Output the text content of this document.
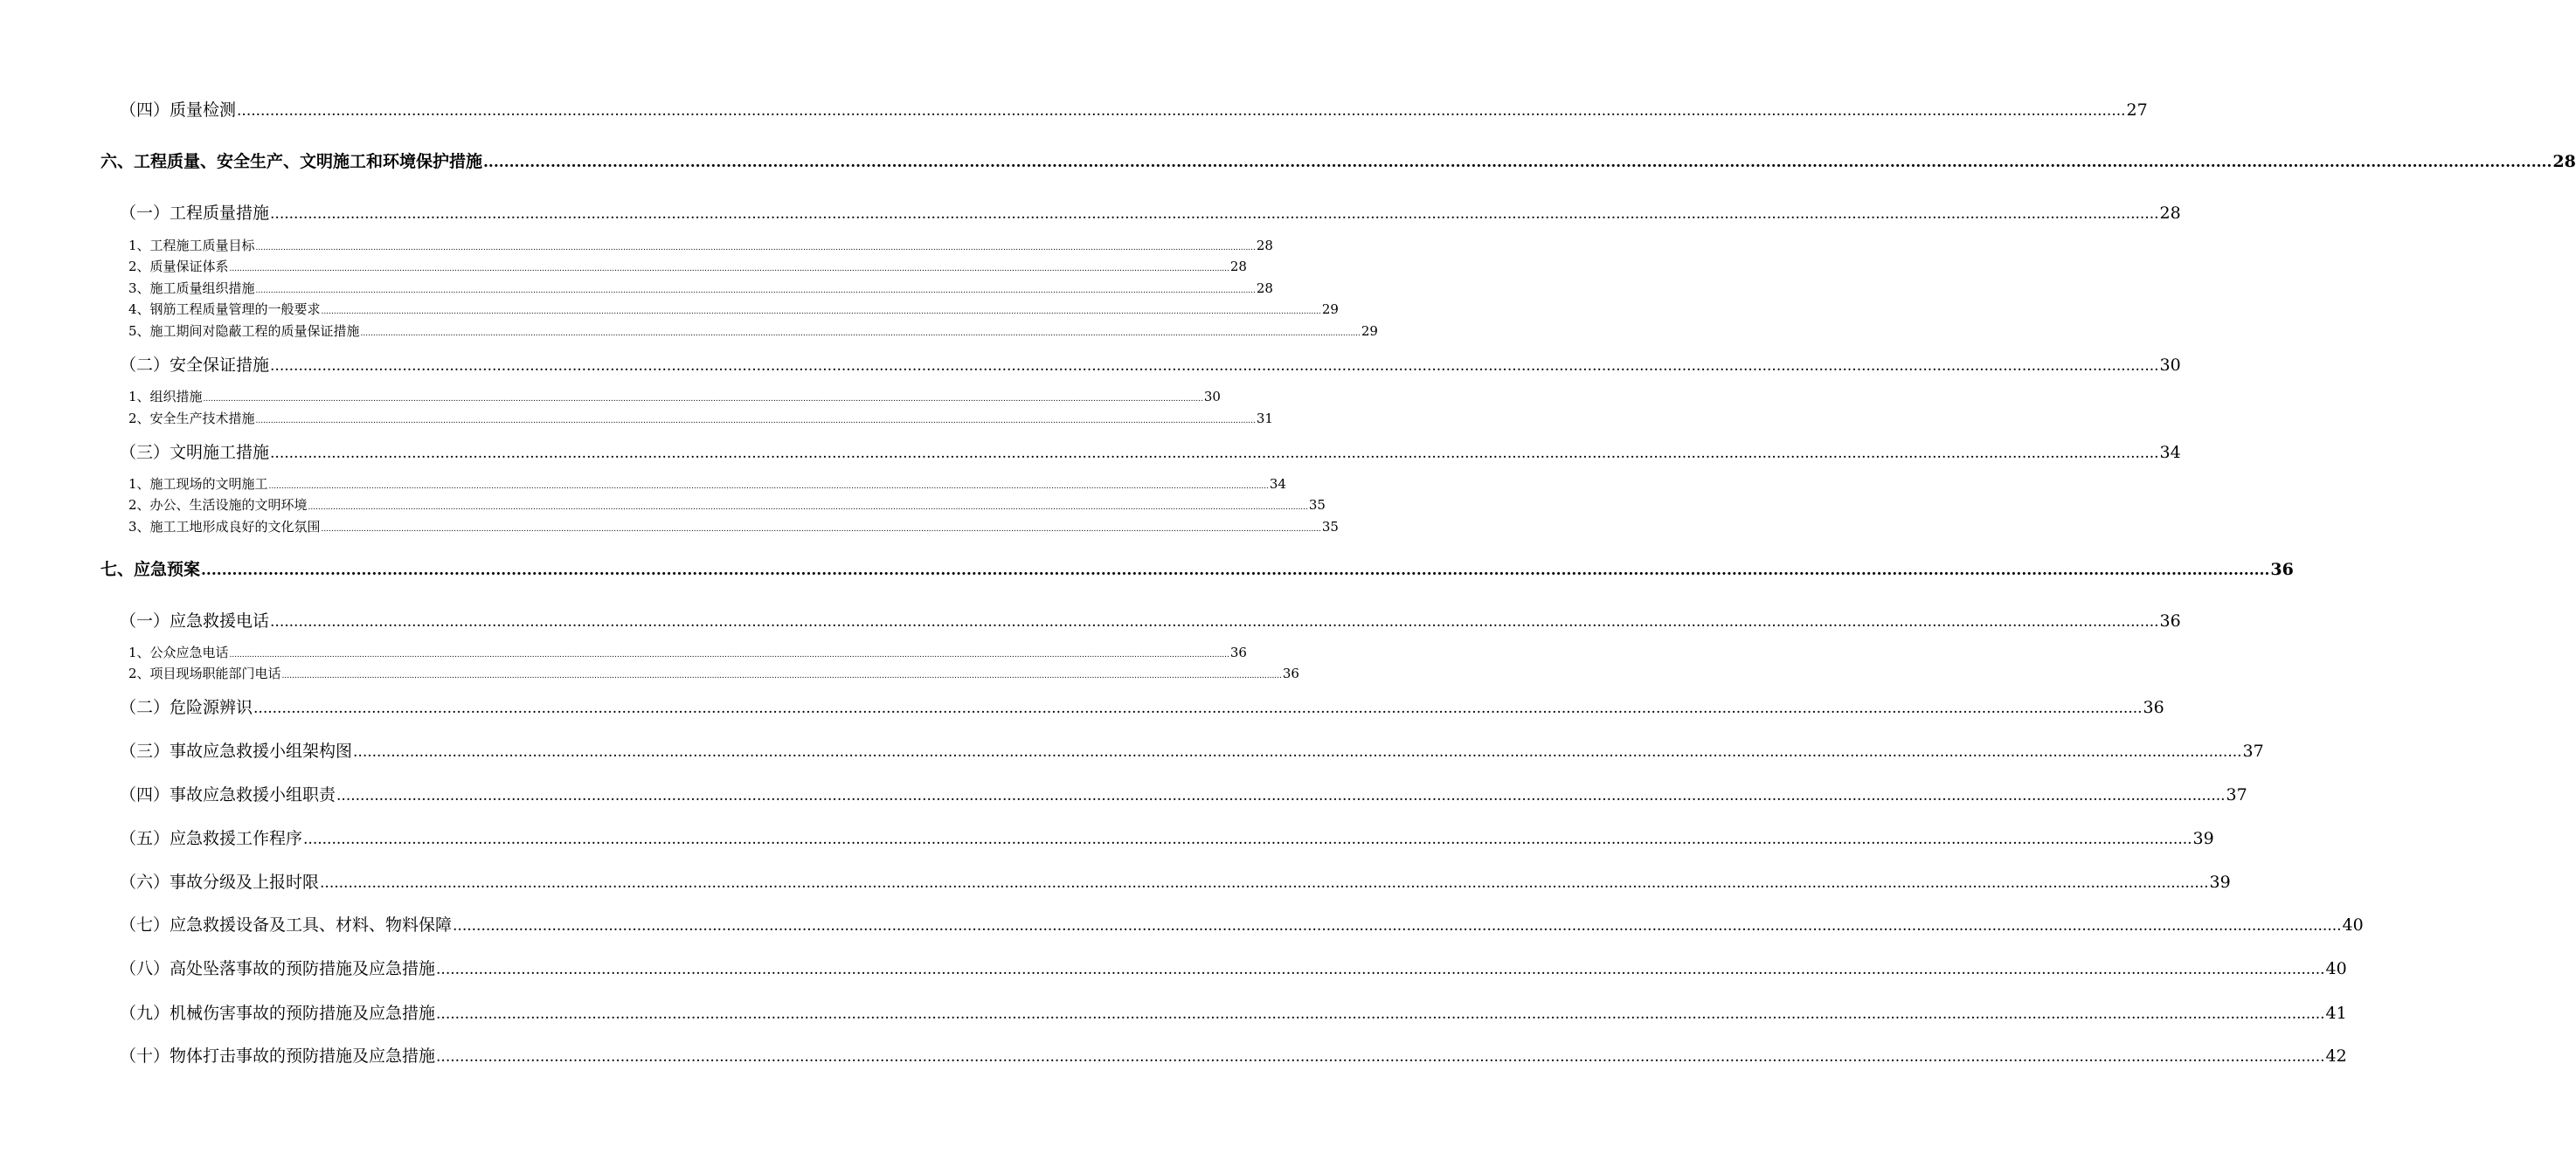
（四）质量检测 ................................................................................................................................................................................................................................................................................................................................................................................................................ 27
六、工程质量、安全生产、文明施工和环境保护措施 ................................................................................................................................................................................................................................................................................................................................................................................................................ 28
（一）工程质量措施 ................................................................................................................................................................................................................................................................................................................................................................................................................ 28
1、工程施工质量目标 ................................................................................................................................................................................................................................................................................................................................................................................................................ 28
2、质量保证体系 ................................................................................................................................................................................................................................................................................................................................................................................................................ 28
3、施工质量组织措施 ................................................................................................................................................................................................................................................................................................................................................................................................................ 28
4、钢筋工程质量管理的一般要求 ................................................................................................................................................................................................................................................................................................................................................................................................................ 29
5、施工期间对隐蔽工程的质量保证措施 ................................................................................................................................................................................................................................................................................................................................................................................................................ 29
（二）安全保证措施 ................................................................................................................................................................................................................................................................................................................................................................................................................ 30
1、组织措施 ................................................................................................................................................................................................................................................................................................................................................................................................................ 30
2、安全生产技术措施 ................................................................................................................................................................................................................................................................................................................................................................................................................ 31
（三）文明施工措施 ................................................................................................................................................................................................................................................................................................................................................................................................................ 34
1、施工现场的文明施工 ................................................................................................................................................................................................................................................................................................................................................................................................................ 34
2、办公、生活设施的文明环境 ................................................................................................................................................................................................................................................................................................................................................................................................................ 35
3、施工工地形成良好的文化氛围 ................................................................................................................................................................................................................................................................................................................................................................................................................ 35
七、应急预案 ................................................................................................................................................................................................................................................................................................................................................................................................................ 36
（一）应急救援电话 ................................................................................................................................................................................................................................................................................................................................................................................................................ 36
1、公众应急电话 ................................................................................................................................................................................................................................................................................................................................................................................................................ 36
2、项目现场职能部门电话 ................................................................................................................................................................................................................................................................................................................................................................................................................ 36
（二）危险源辨识 ................................................................................................................................................................................................................................................................................................................................................................................................................ 36
（三）事故应急救援小组架构图 ................................................................................................................................................................................................................................................................................................................................................................................................................ 37
（四）事故应急救援小组职责 ................................................................................................................................................................................................................................................................................................................................................................................................................ 37
（五）应急救援工作程序 ................................................................................................................................................................................................................................................................................................................................................................................................................ 39
（六）事故分级及上报时限 ................................................................................................................................................................................................................................................................................................................................................................................................................ 39
（七）应急救援设备及工具、材料、物料保障 ................................................................................................................................................................................................................................................................................................................................................................................................................ 40
（八）高处坠落事故的预防措施及应急措施 ................................................................................................................................................................................................................................................................................................................................................................................................................ 40
（九）机械伤害事故的预防措施及应急措施 ................................................................................................................................................................................................................................................................................................................................................................................................................ 41
（十）物体打击事故的预防措施及应急措施 ................................................................................................................................................................................................................................................................................................................................................................................................................ 42
